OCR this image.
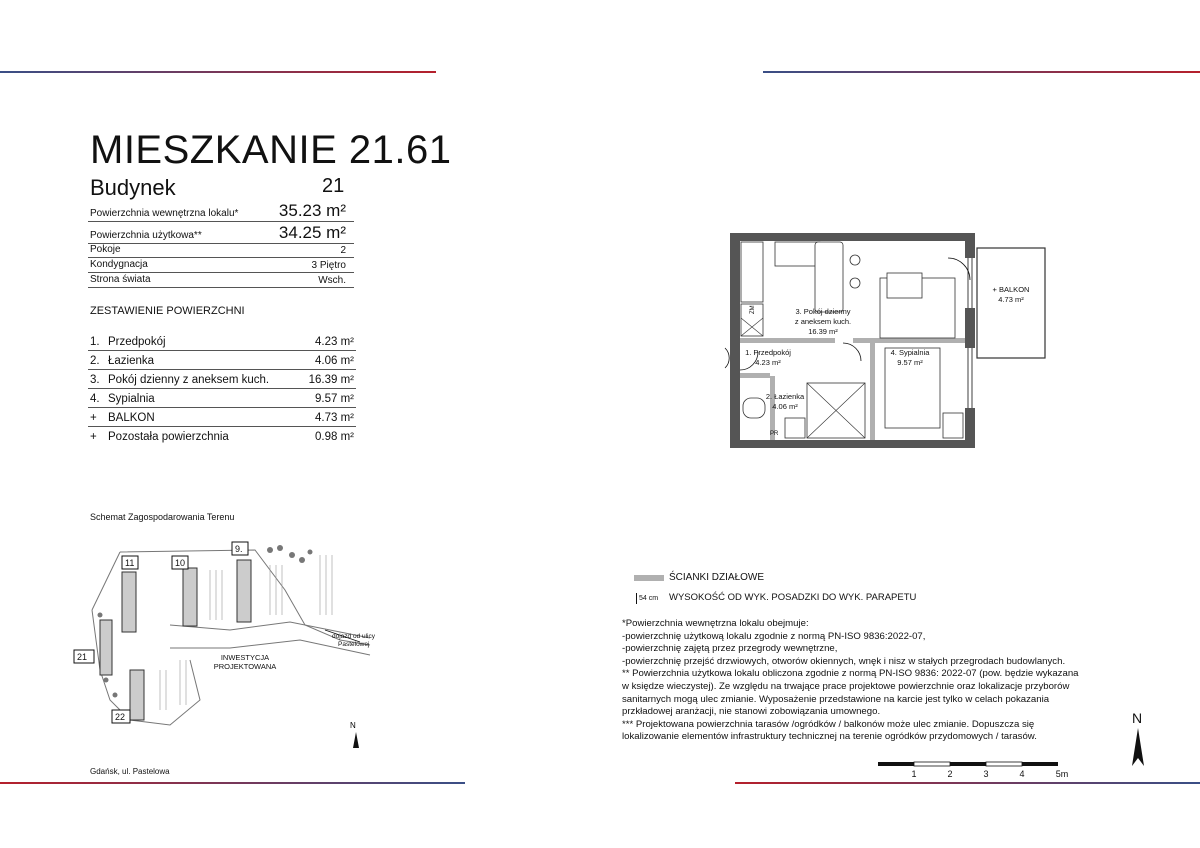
MIESZKANIE 21.61
Budynek	21
Powierzchnia wewnętrzna lokalu* 35.23 m²
Powierzchnia użytkowa**	34.25 m²
Pokoje	2
Kondygnacja	3 Piętro
Strona świata	Wsch.
ZESTAWIENIE POWIERZCHNI
1. Przedpokój	4.23 m²
2. Łazienka	4.06 m²
3. Pokój dzienny z aneksem kuch.	16.39 m²
4. Sypialnia	9.57 m²
+ BALKON	4.73 m²
+ Pozostała powierzchnia	0.98 m²
Schemat Zagospodarowania Terenu
11	10
9.
21
22
INWESTYCJA
PROJEKTOWANA
dojazd od ulicy
Pastelowej
N
Gdańsk, ul. Pastelowa
3. Pokój dzienny
z aneksem kuch.
16.39 m²
1. Przedpokój
4.23 m²
2. Łazienka
4.06 m²
4. Sypialnia
9.57 m²
+ BALKON
4.73 m²
ZM
PR
ŚCIANKI DZIAŁOWE
54 cm WYSOKOŚĆ OD WYK. POSADZKI DO WYK. PARAPETU
*Powierzchnia wewnętrzna lokalu obejmuje:
-powierzchnię użytkową lokalu zgodnie z normą PN-ISO 9836:2022-07,
-powierzchnię zajętą przez przegrody wewnętrzne,
-powierzchnię przejść drzwiowych, otworów okiennych, wnęk i nisz w stałych przegrodach budowlanych.
** Powierzchnia użytkowa lokalu obliczona zgodnie z normą PN-ISO 9836: 2022-07 (pow. będzie wykazana
w księdze wieczystej). Ze względu na trwające prace projektowe powierzchnie oraz lokalizacje przyborów
sanitarnych mogą ulec zmianie. Wyposażenie przedstawione na karcie jest tylko w celach pokazania
przkładowej aranżacji, nie stanowi zobowiązania umownego.
*** Projektowana powierzchnia tarasów /ogródków / balkonów może ulec zmianie. Dopuszcza się
lokalizowanie elementów infrastruktury technicznej na terenie ogródków przydomowych / tarasów.
N
1	2	3	4	5m
